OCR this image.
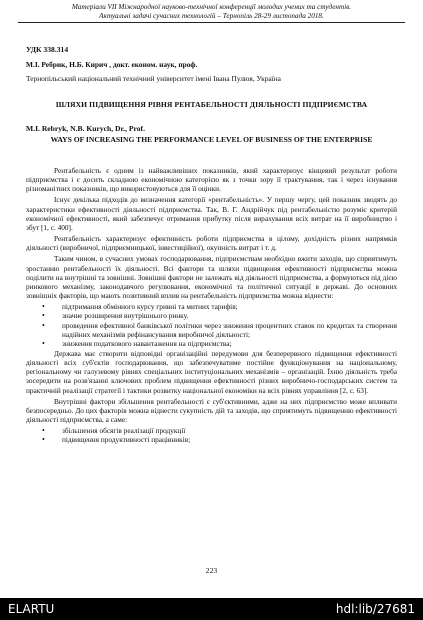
Матеріали VІІ Міжнародної науково-технічної конференції молодих учених та студентів.
Актуальні задачі сучасних технологій – Тернопіль 28-29 листопада 2018.
УДК 338.314
М.І. Ребрик, Н.Б. Кирич , докт. економ. наук, проф.
Тернопільський національний технічний університет імені Івана Пулюя, Україна
ШЛЯХИ ПІДВИЩЕННЯ РІВНЯ РЕНТАБЕЛЬНОСТІ ДІЯЛЬНОСТІ ПІДПРИЄМСТВА
M.I. Rebryk, N.B. Kurych, Dr., Prof.
WAYS OF INCREASING THE PERFORMANCE LEVEL OF BUSINESS OF THE ENTERPRISE

Рентабельність є одним із найважливіших показників, який характеризує кінцевий результат роботи підприємства і є досить складною економічною категорією як з точки зору її трактування, так і через існування різноманітних показників, що використовуються для її оцінки.

Існує декілька підходів до визначення категорії «рентабельність». У першу чергу, цей показник зводять до характеристики ефективності діяльності підприємства. Так, В. Г. Андрійчук під рентабельністю розуміє критерій економічної ефективності, який забезпечує отримання прибутку після вирахування всіх витрат на її виробництво і збут [1, с. 400].

Рентабельність характеризує ефективність роботи підприємства в цілому, дохідність різних напрямків діяльності (виробничої, підприємницької, інвестиційної), окупність витрат і т. д.

Таким чином, в сучасних умовах господарювання, підприємствам необхідно вжити заходів, що сприятимуть зростанню рентабельності їх діяльності. Всі фактори та шляхи підвищення ефективності підприємства можна поділити на внутрішні та зовнішні. Зовнішні фактори не залежать від діяльності підприємства, а формуються під дією ринкового механізму, законодавчого регулювання, економічної та політичної ситуації в державі. До основних зовнішніх факторів, що мають позитивний вплив на рентабельність підприємства можна віднести:

• підтримання обмінного курсу гривні та митних тарифів;
• значне розширення внутрішнього ринку.
• проведення ефективної банківської політики через зниження процентних ставок по кредитах та створення надійних механізмів рефінансування виробничої діяльності;
• зниження податкового навантаження на підприємства;

Держава має створити відповідні організаційні передумови для безперервного підвищення ефективності діяльності всіх суб'єктів господарювання, що забезпечуватиме постійне функціонування на національному, регіональному чи галузевому рівнях спеціальних інституціональних механізмів – організацій. Їхню діяльність треба зосередити на розв'язанні ключових проблем підвищення ефективності різних виробничо-господарських систем та практичній реалізації стратегії і тактики розвитку національної економіки на всіх рівнях управління [2, с. 63].

Внутрішні фактори збільшення рентабельності є суб'єктивними, адже на них підприємство може впливати безпосередньо. До цих факторів можна віднести сукупність дій та заходів, що сприятимуть підвищенню ефективності діяльності підприємства, а саме:

• збільшення обсягів реалізації продукції
• підвищення продуктивності працівників;
223
ELARTU	hdl:lib/27681
